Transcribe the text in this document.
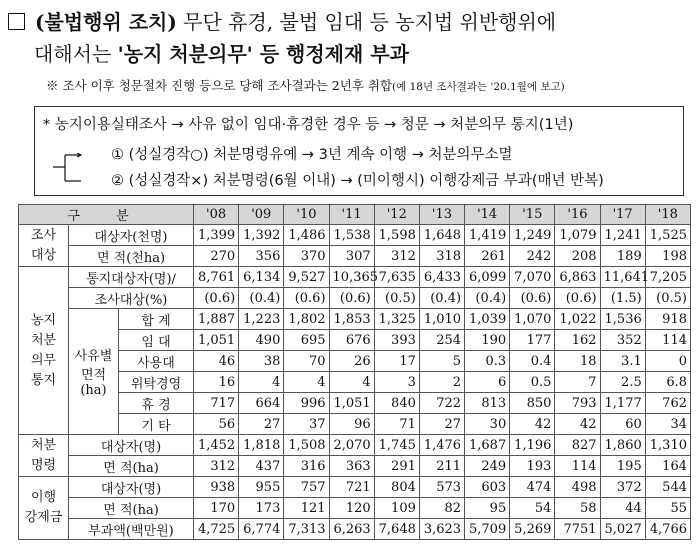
(불법행위 조치) 무단 휴경, 불법 임대 등 농지법 위반행위에
대해서는 '농지 처분의무' 등 행정제재 부과
※ 조사 이후 청문절차 진행 등으로 당해 조사결과는 2년후 취합(예 18년 조사결과는 '20.1월에 보고)
* 농지이용실태조사 → 사유 없이 임대·휴경한 경우 등 → 청문 → 처분의무 통지(1년)
① (성실경작○) 처분명령유예 → 3년 계속 이행 → 처분의무소멸
② (성실경작×) 처분명령(6월 이내) → (미이행시) 이행강제금 부과(매년 반복)
구 분			'08	'09	'10	'11	'12	'13	'14	'15	'16	'17	'18
조사
대상	대상자(천명)		1,399	1,392	1,486	1,538	1,598	1,648	1,419	1,249	1,079	1,241	1,525
	면 적(천ha)		270	356	370	307	312	318	261	242	208	189	198
농지
처분
의무
통지	통지대상자(명)/		8,761	6,134	9,527	10,365	7,635	6,433	6,099	7,070	6,863	11,641	7,205
	조사대상(%)		(0.6)	(0.4)	(0.6)	(0.6)	(0.5)	(0.4)	(0.4)	(0.6)	(0.6)	(1.5)	(0.5)
	사유별
면적
(ha)	합 계	1,887	1,223	1,802	1,853	1,325	1,010	1,039	1,070	1,022	1,536	918
		임 대	1,051	490	695	676	393	254	190	177	162	352	114
		사용대	46	38	70	26	17	5	0.3	0.4	18	3.1	0
		위탁경영	16	4	4	4	3	2	6	0.5	7	2.5	6.8
		휴 경	717	664	996	1,051	840	722	813	850	793	1,177	762
		기 타	56	27	37	96	71	27	30	42	42	60	34
처분
명령	대상자(명)		1,452	1,818	1,508	2,070	1,745	1,476	1,687	1,196	827	1,860	1,310
	면 적(ha)		312	437	316	363	291	211	249	193	114	195	164
이행
강제금	대상자(명)		938	955	757	721	804	573	603	474	498	372	544
	면 적(ha)		170	173	121	120	109	82	95	54	58	44	55
	부과액(백만원)		4,725	6,774	7,313	6,263	7,648	3,623	5,709	5,269	7751	5,027	4,766
